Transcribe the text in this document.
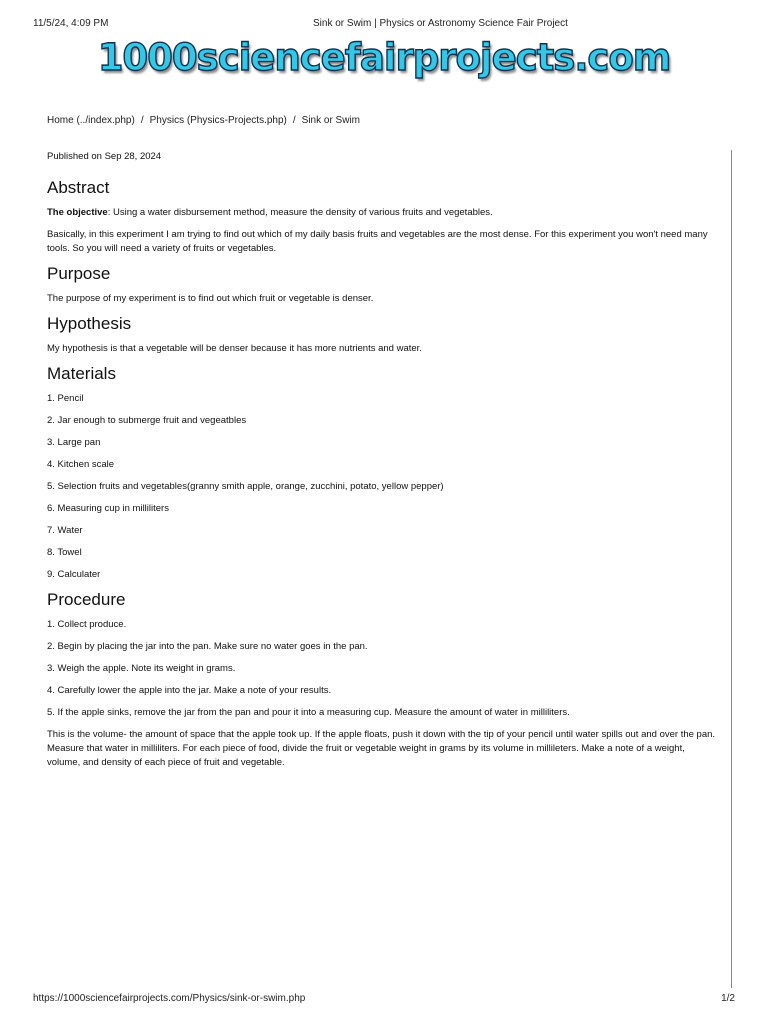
11/5/24, 4:09 PM	Sink or Swim | Physics or Astronomy Science Fair Project
1000sciencefairprojects.com
Home (../index.php) / Physics (Physics-Projects.php) / Sink or Swim

Published on Sep 28, 2024

Abstract

The objective: Using a water disbursement method, measure the density of various fruits and vegetables.

Basically, in this experiment I am trying to find out which of my daily basis fruits and vegetables are the most dense. For this experiment you won't need many tools. So you will need a variety of fruits or vegetables.

Purpose

The purpose of my experiment is to find out which fruit or vegetable is denser.

Hypothesis

My hypothesis is that a vegetable will be denser because it has more nutrients and water.

Materials
1. Pencil
2. Jar enough to submerge fruit and vegeatbles
3. Large pan
4. Kitchen scale
5. Selection fruits and vegetables(granny smith apple, orange, zucchini, potato, yellow pepper)
6. Measuring cup in milliliters
7. Water
8. Towel
9. Calculater
Procedure
1. Collect produce.
2. Begin by placing the jar into the pan. Make sure no water goes in the pan.
3. Weigh the apple. Note its weight in grams.
4. Carefully lower the apple into the jar. Make a note of your results.
5. If the apple sinks, remove the jar from the pan and pour it into a measuring cup. Measure the amount of water in milliliters.

This is the volume- the amount of space that the apple took up. If the apple floats, push it down with the tip of your pencil until water spills out and over the pan. Measure that water in milliliters. For each piece of food, divide the fruit or vegetable weight in grams by its volume in millileters. Make a note of a weight, volume, and density of each piece of fruit and vegetable.

https://1000sciencefairprojects.com/Physics/sink-or-swim.php	1/2
